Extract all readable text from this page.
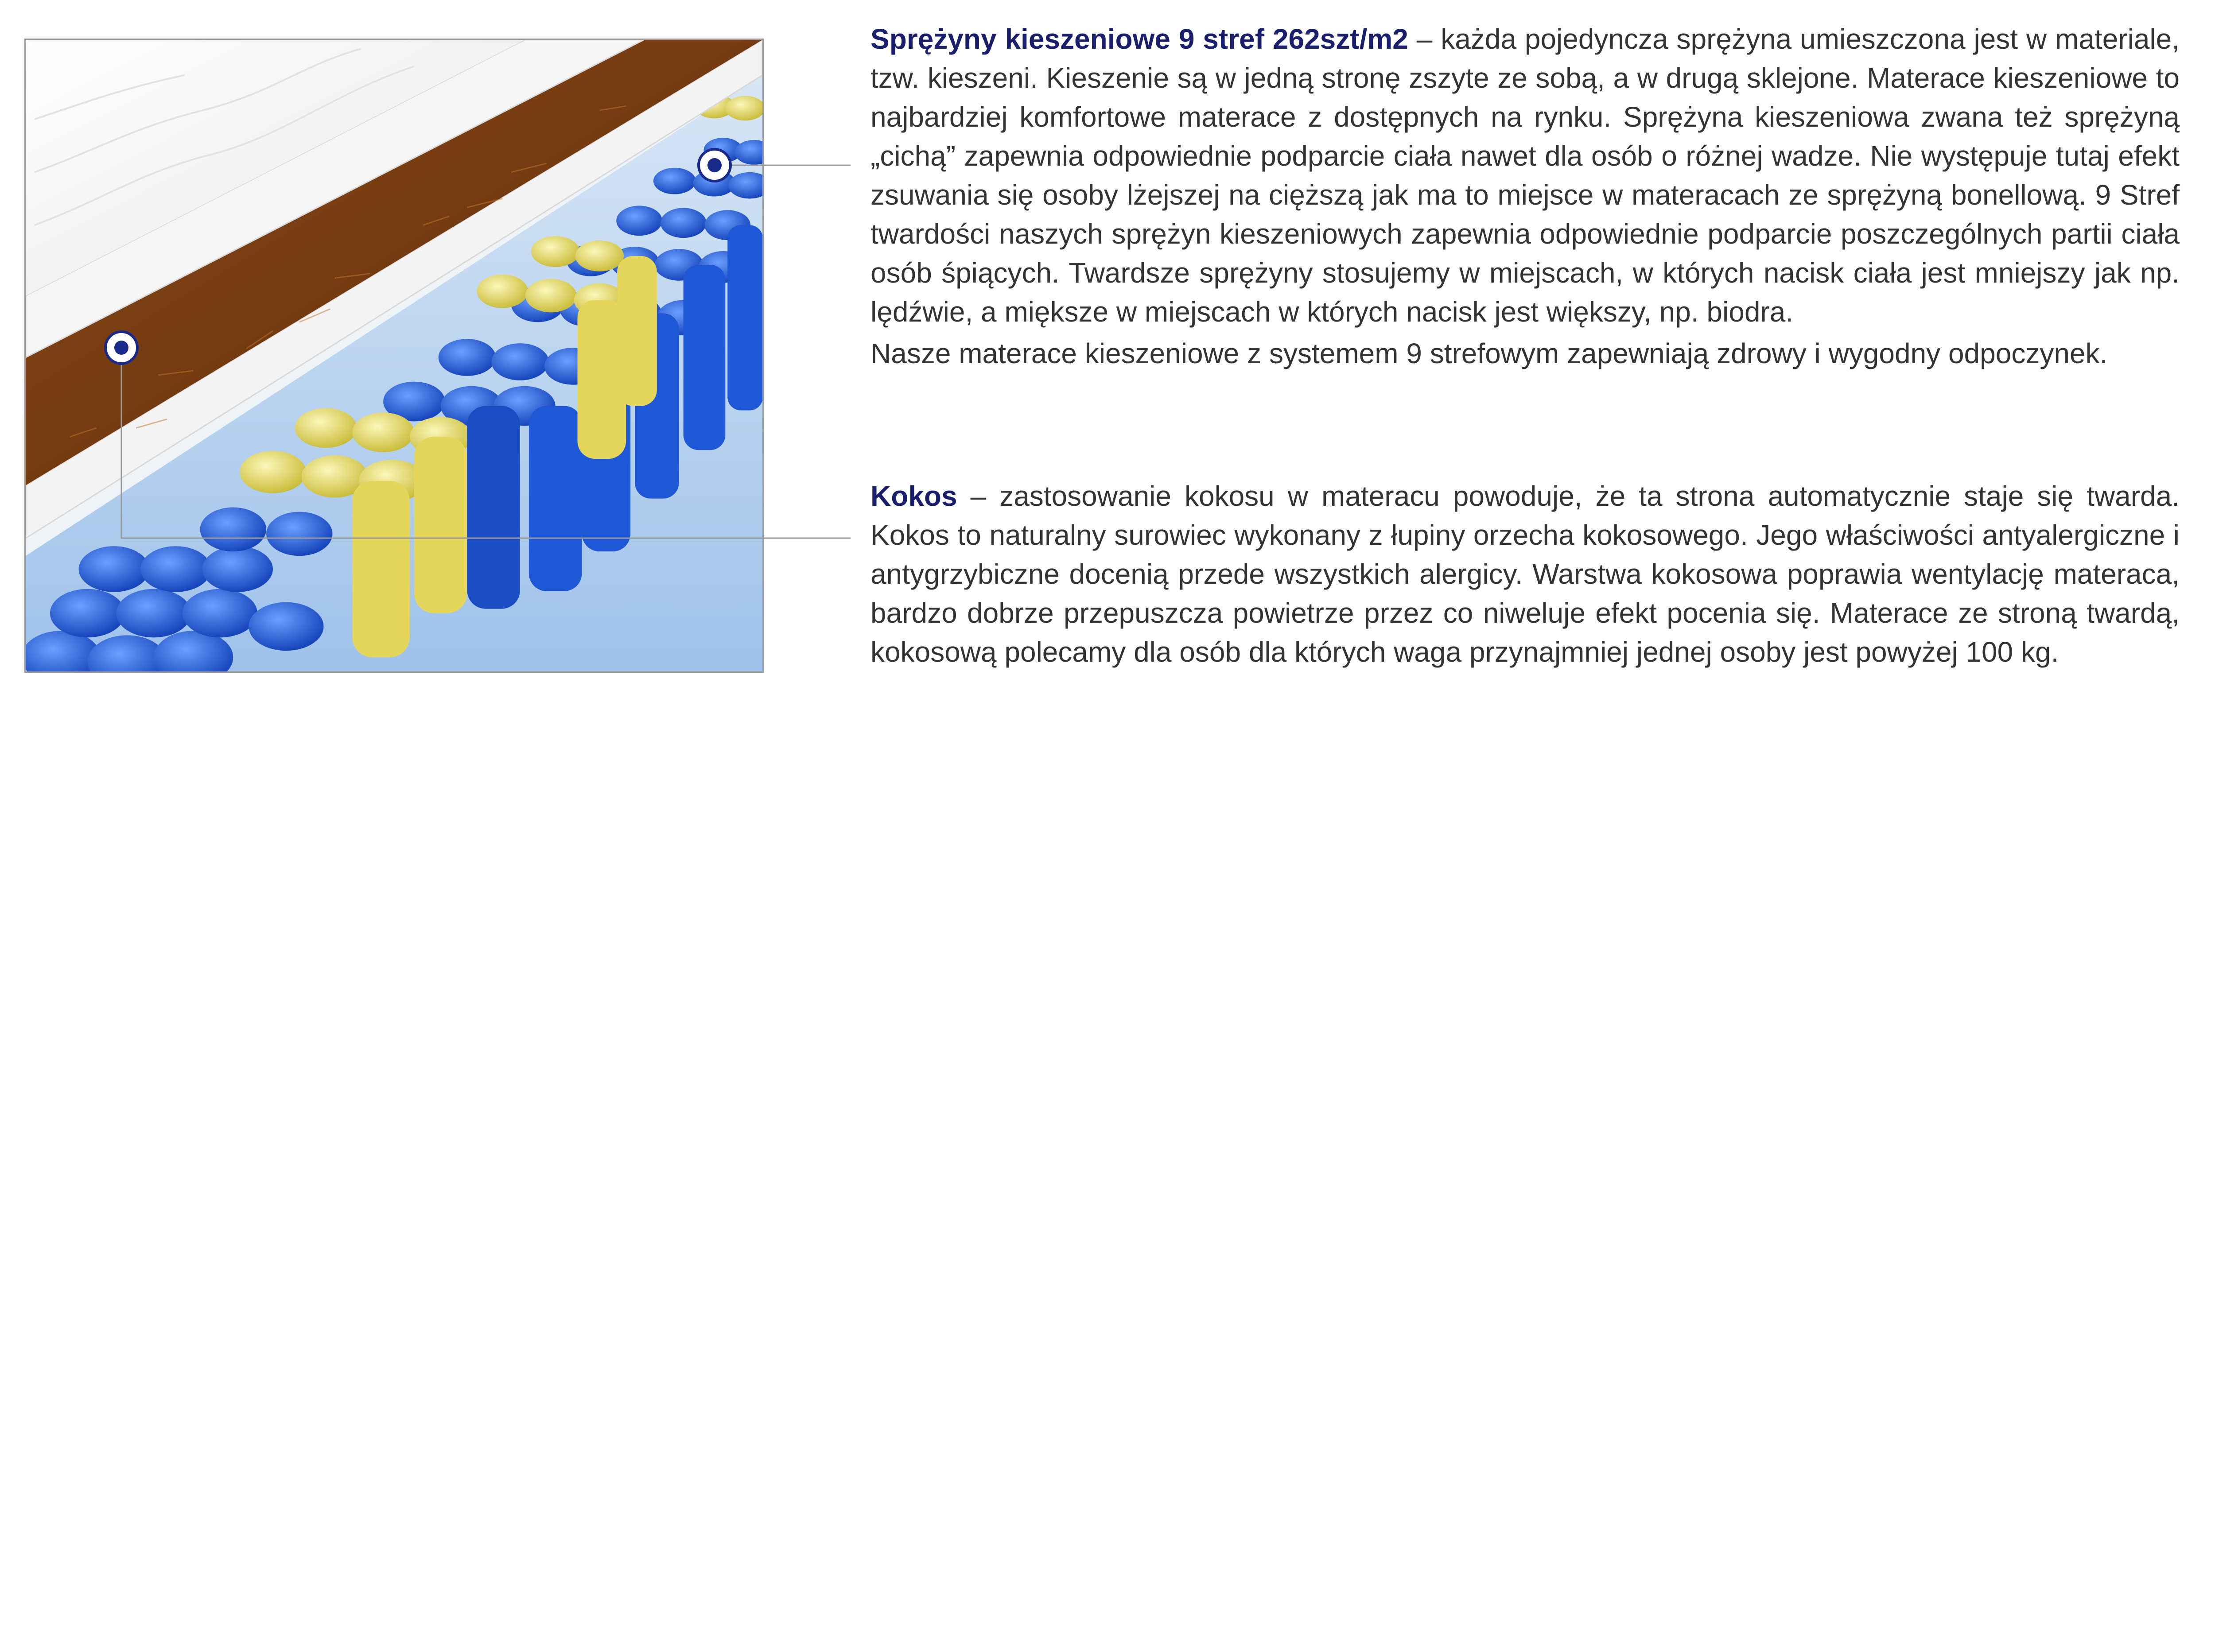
Sprężyny kieszeniowe 9 stref 262szt/m2 – każda pojedyncza sprężyna umieszczona jest w materiale, tzw. kieszeni. Kieszenie są w jedną stronę zszyte ze sobą, a w drugą sklejone. Materace kieszeniowe to najbardziej komfortowe materace z dostępnych na rynku. Sprężyna kieszeniowa zwana też sprężyną „cichą” zapewnia odpowiednie podparcie ciała nawet dla osób o różnej wadze. Nie występuje tutaj efekt zsuwania się osoby lżejszej na cięższą jak ma to miejsce w materacach ze sprężyną bonellową. 9 Stref twardości naszych sprężyn kieszeniowych zapewnia odpowiednie podparcie poszczególnych partii ciała osób śpiących. Twardsze sprężyny stosujemy w miejscach, w których nacisk ciała jest mniejszy jak np. lędźwie, a miększe w miejscach w których nacisk jest większy, np. biodra.

Nasze materace kieszeniowe z systemem 9 strefowym zapewniają zdrowy i wygodny odpoczynek.

Kokos – zastosowanie kokosu w materacu powoduje, że ta strona automatycznie staje się twarda. Kokos to naturalny surowiec wykonany z łupiny orzecha kokosowego. Jego właściwości antyalergiczne i antygrzybiczne docenią przede wszystkich alergicy. Warstwa kokosowa poprawia wentylację materaca, bardzo dobrze przepuszcza powietrze przez co niweluje efekt pocenia się. Materace ze stroną twardą, kokosową polecamy dla osób dla których waga przynajmniej jednej osoby jest powyżej 100 kg.
